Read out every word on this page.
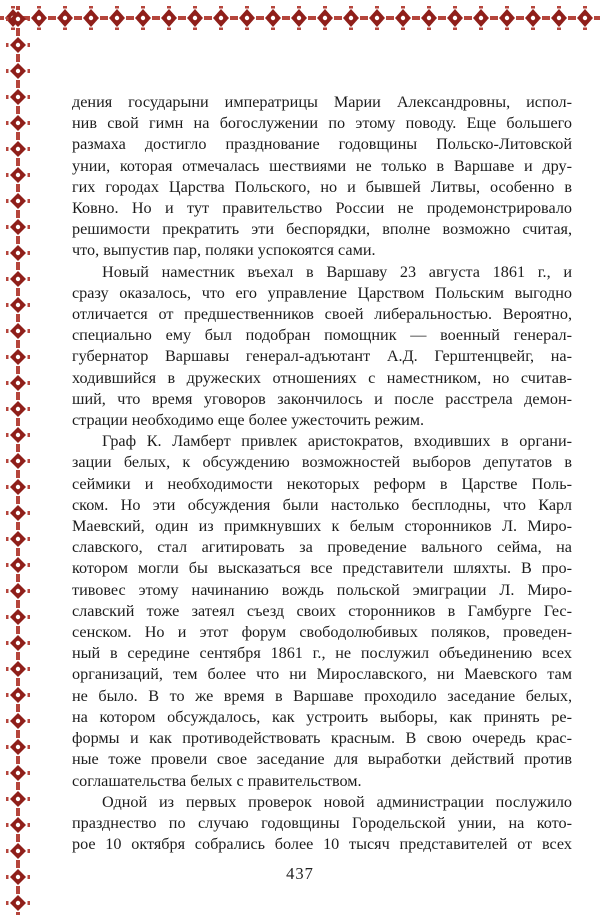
дения государыни императрицы Марии Александровны, испол-
нив свой гимн на богослужении по этому поводу. Еще большего
размаха достигло празднование годовщины Польско-Литовской
унии, которая отмечалась шествиями не только в Варшаве и дру-
гих городах Царства Польского, но и бывшей Литвы, особенно в
Ковно. Но и тут правительство России не продемонстрировало
решимости прекратить эти беспорядки, вполне возможно считая,
что, выпустив пар, поляки успокоятся сами.
Новый наместник въехал в Варшаву 23 августа 1861 г., и
сразу оказалось, что его управление Царством Польским выгодно
отличается от предшественников своей либеральностью. Вероятно,
специально ему был подобран помощник — военный генерал-
губернатор Варшавы генерал-адъютант А.Д. Герштенцвейг, на-
ходившийся в дружеских отношениях с наместником, но считав-
ший, что время уговоров закончилось и после расстрела демон-
страции необходимо еще более ужесточить режим.
Граф К. Ламберт привлек аристократов, входивших в органи-
зации белых, к обсуждению возможностей выборов депутатов в
сеймики и необходимости некоторых реформ в Царстве Поль-
ском. Но эти обсуждения были настолько бесплодны, что Карл
Маевский, один из примкнувших к белым сторонников Л. Миро-
славского, стал агитировать за проведение вального сейма, на
котором могли бы высказаться все представители шляхты. В про-
тивовес этому начинанию вождь польской эмиграции Л. Миро-
славский тоже затеял съезд своих сторонников в Гамбурге Гес-
сенском. Но и этот форум свободолюбивых поляков, проведен-
ный в середине сентября 1861 г., не послужил объединению всех
организаций, тем более что ни Мирославского, ни Маевского там
не было. В то же время в Варшаве проходило заседание белых,
на котором обсуждалось, как устроить выборы, как принять ре-
формы и как противодействовать красным. В свою очередь крас-
ные тоже провели свое заседание для выработки действий против
соглашательства белых с правительством.
Одной из первых проверок новой администрации послужило
празднество по случаю годовщины Городельской унии, на кото-
рое 10 октября собрались более 10 тысяч представителей от всех
437
